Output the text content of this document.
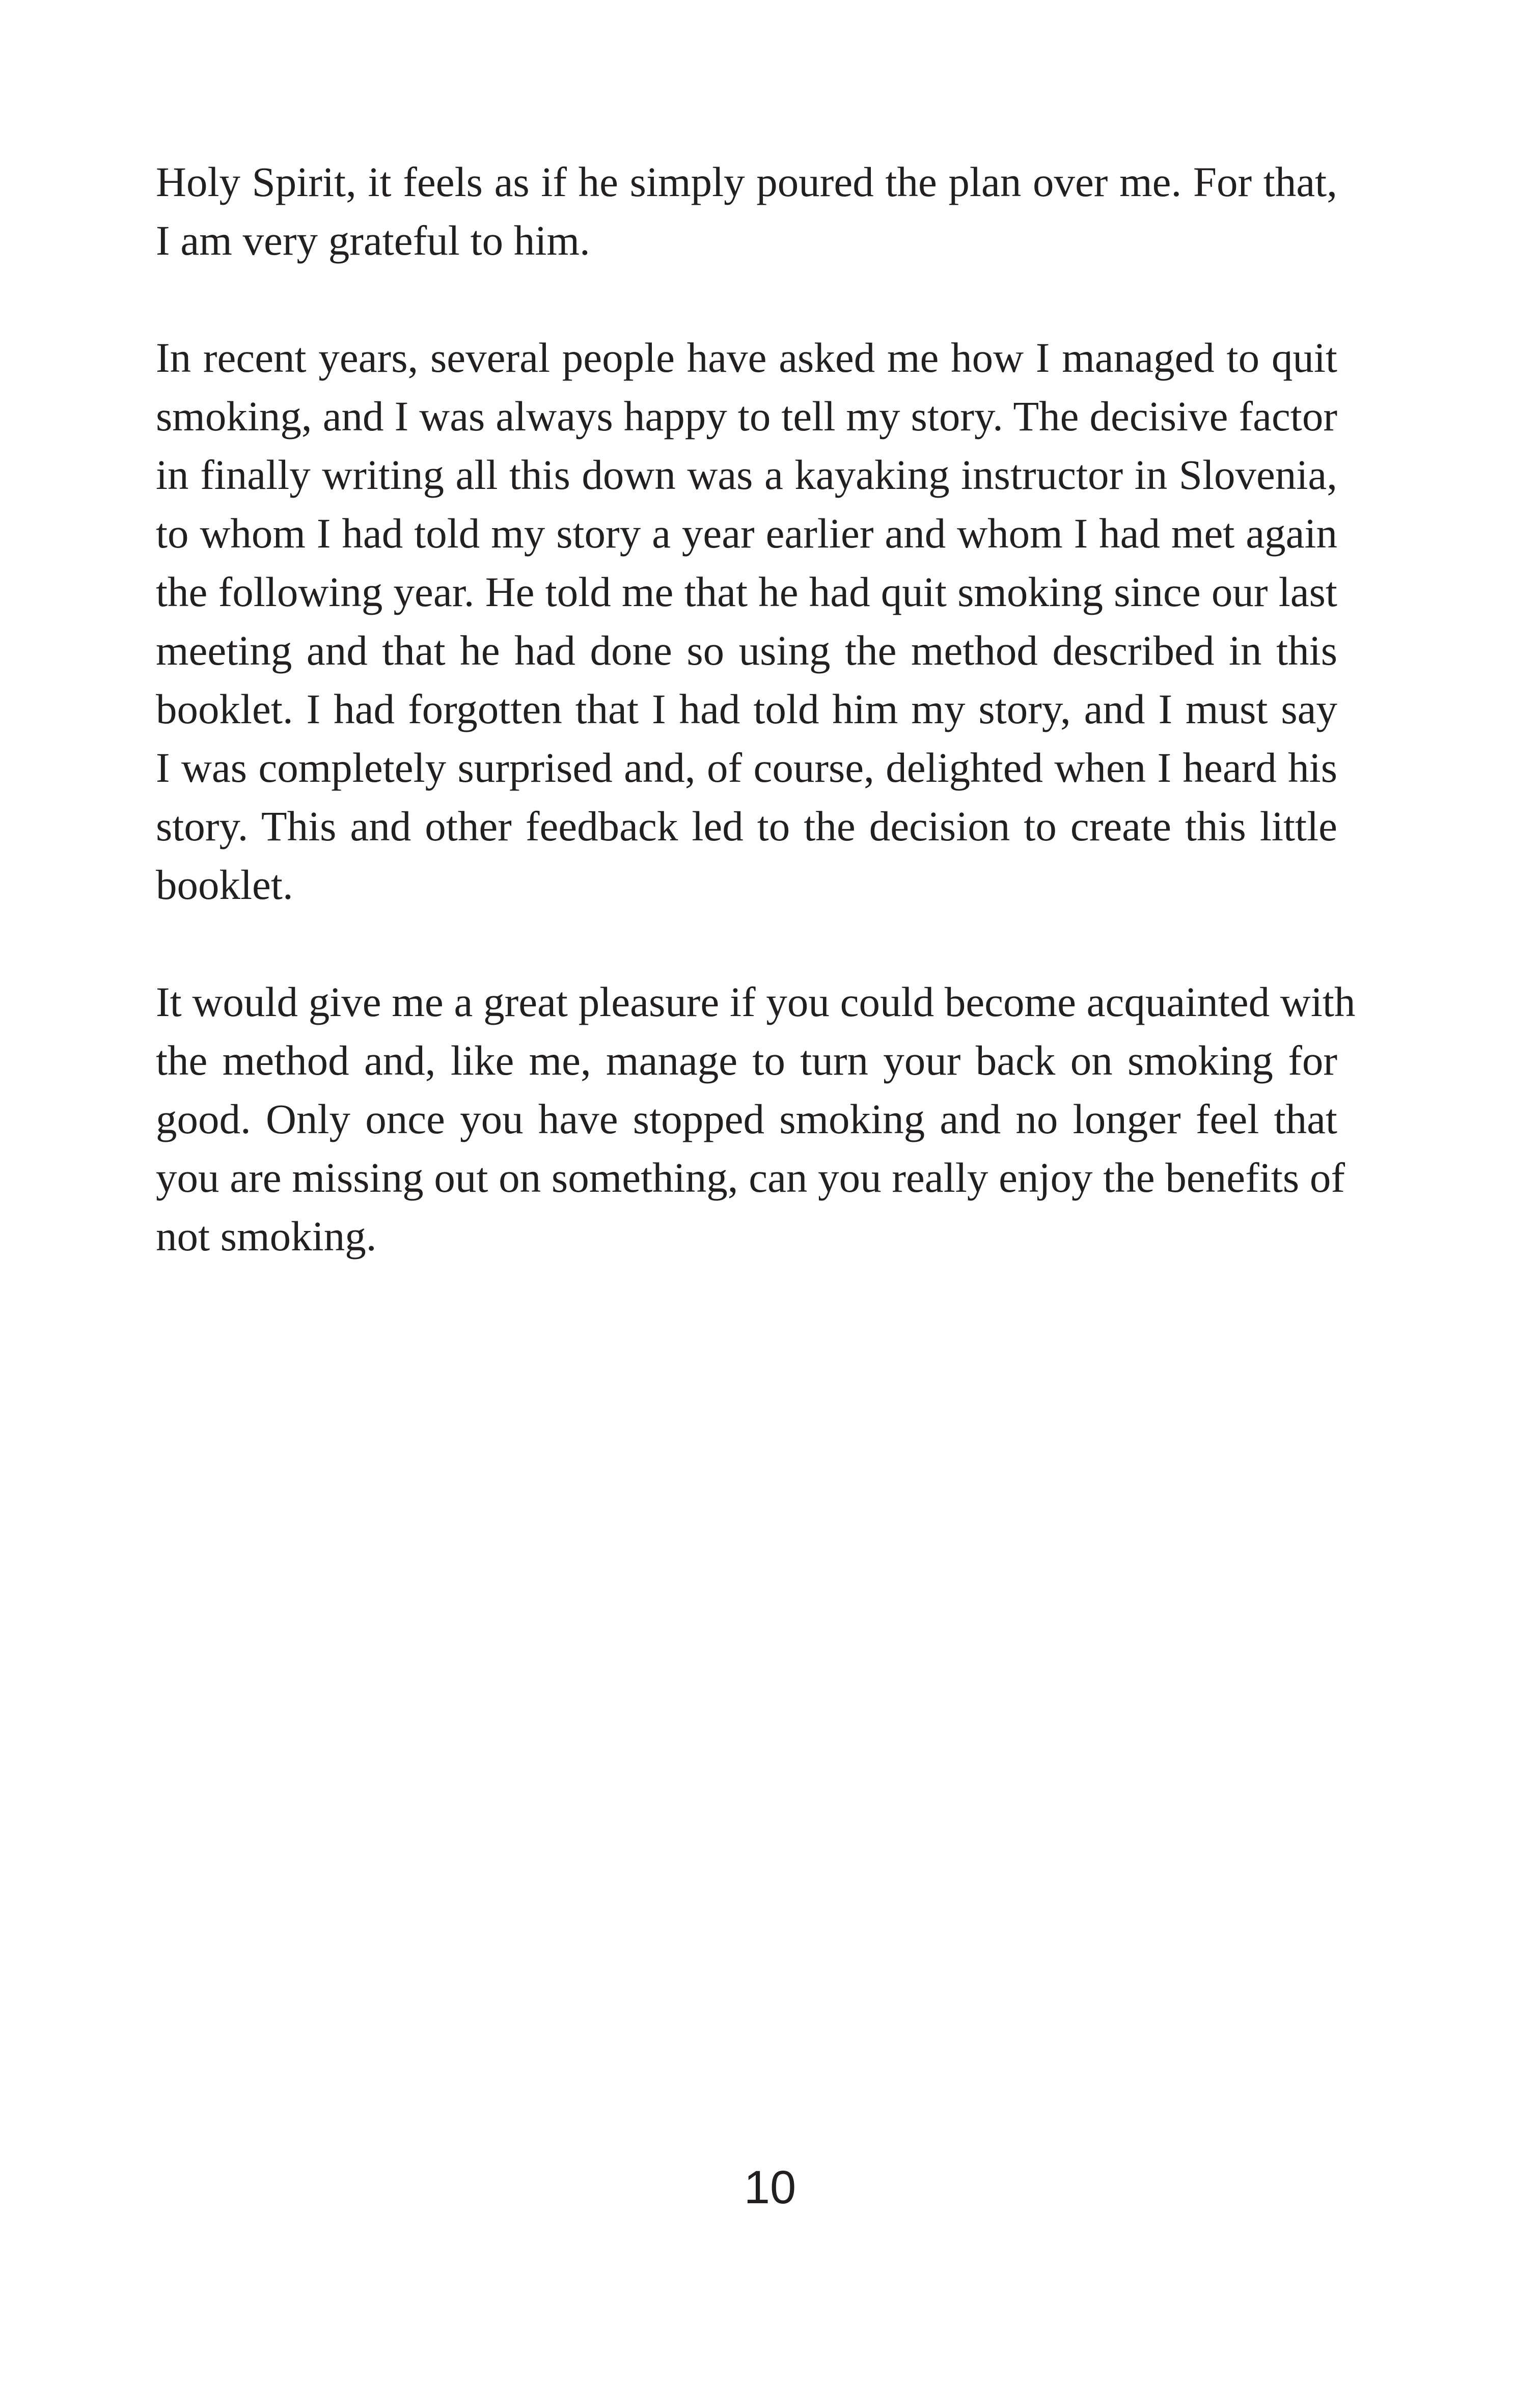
Holy Spirit, it feels as if he simply poured the plan over me. For that,
I am very grateful to him.

In recent years, several people have asked me how I managed to quit
smoking, and I was always happy to tell my story. The decisive factor
in finally writing all this down was a kayaking instructor in Slovenia,
to whom I had told my story a year earlier and whom I had met again
the following year. He told me that he had quit smoking since our last
meeting and that he had done so using the method described in this
booklet. I had forgotten that I had told him my story, and I must say
I was completely surprised and, of course, delighted when I heard his
story. This and other feedback led to the decision to create this little
booklet.

It would give me a great pleasure if you could become acquainted with
the method and, like me, manage to turn your back on smoking for
good. Only once you have stopped smoking and no longer feel that
you are missing out on something, can you really enjoy the benefits of
not smoking.

10
